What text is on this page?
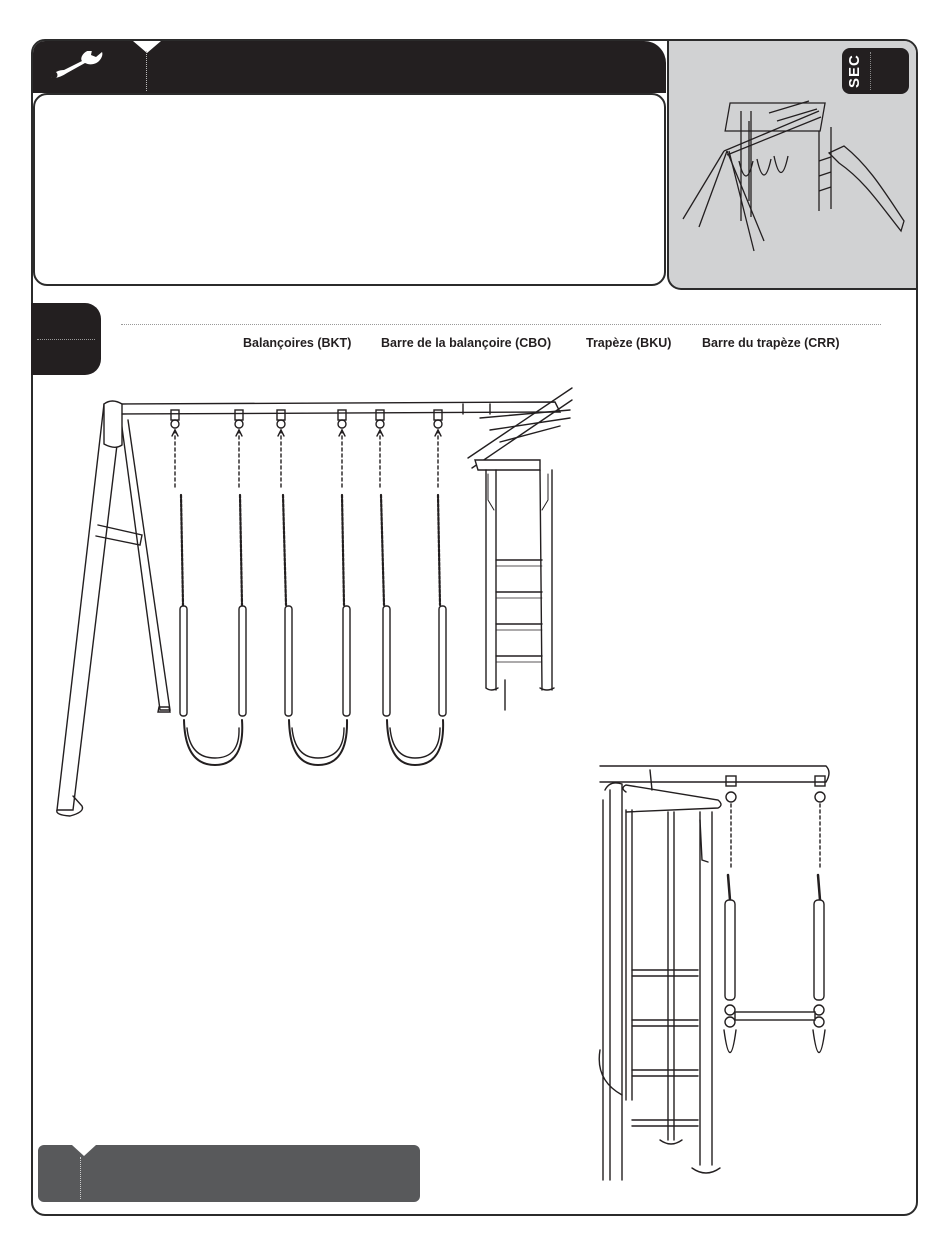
SEC
Balançoires (BKT) Barre de la balançoire (CBO)	Trapèze (BKU) Barre du trapèze (CRR)
